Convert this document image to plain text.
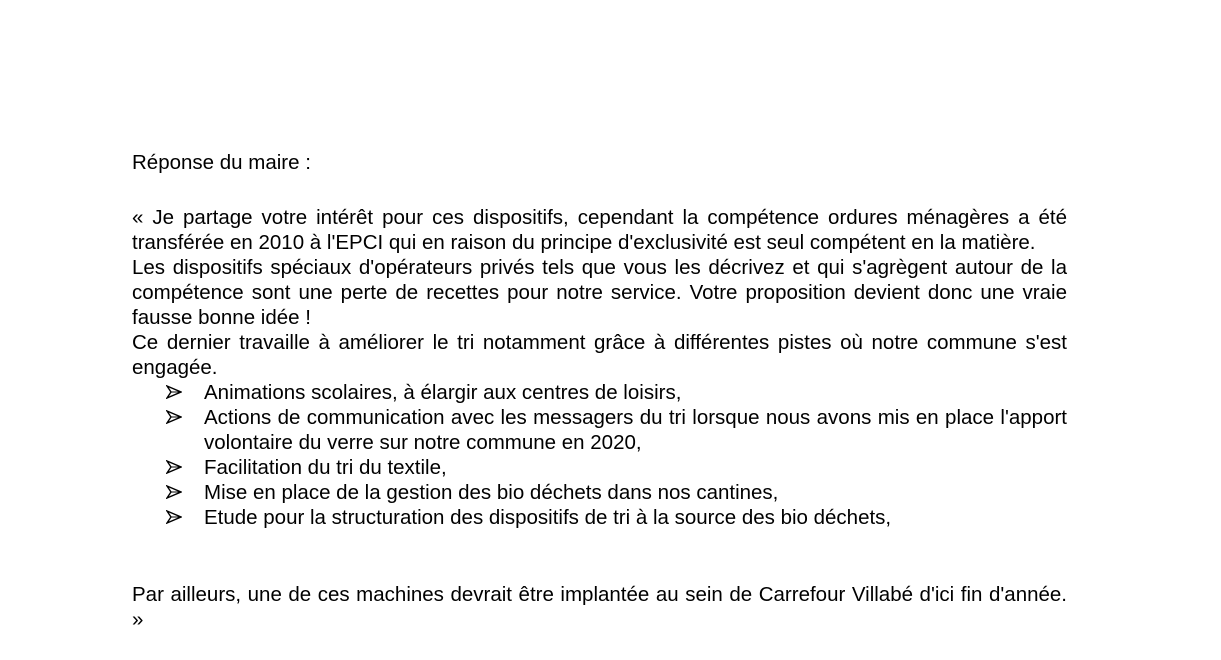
Réponse du maire :

« Je partage votre intérêt pour ces dispositifs, cependant la compétence ordures ménagères a été transférée en 2010 à l'EPCI qui en raison du principe d'exclusivité est seul compétent en la matière.

Les dispositifs spéciaux d'opérateurs privés tels que vous les décrivez et qui s'agrègent autour de la compétence sont une perte de recettes pour notre service. Votre proposition devient donc une vraie fausse bonne idée !

Ce dernier travaille à améliorer le tri notamment grâce à différentes pistes où notre commune s'est engagée.

Animations scolaires, à élargir aux centres de loisirs,
Actions de communication avec les messagers du tri lorsque nous avons mis en place l'apport volontaire du verre sur notre commune en 2020,
Facilitation du tri du textile,
Mise en place de la gestion des bio déchets dans nos cantines,
Etude pour la structuration des dispositifs de tri à la source des bio déchets,

Par ailleurs, une de ces machines devrait être implantée au sein de Carrefour Villabé d'ici fin d'année. »
